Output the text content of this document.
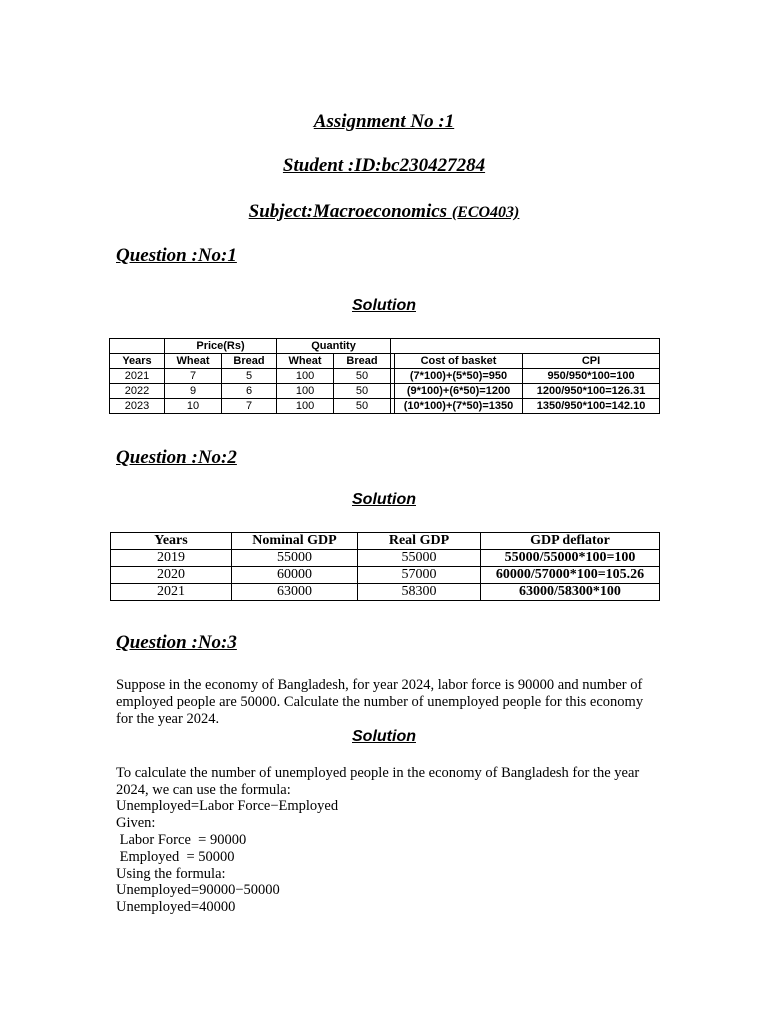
Assignment No :1
Student :ID:bc230427284
Subject:Macroeconomics (ECO403)
Question :No:1
Solution
	Price(Rs)		Quantity				
Years	Wheat	Bread	Wheat	Bread		Cost of basket	CPI
2021	7	5	100	50		(7*100)+(5*50)=950	950/950*100=100
2022	9	6	100	50		(9*100)+(6*50)=1200	1200/950*100=126.31
2023	10	7	100	50		(10*100)+(7*50)=1350	1350/950*100=142.10
Question :No:2
Solution
Years	Nominal GDP	Real GDP	GDP deflator
2019	55000	55000	55000/55000*100=100
2020	60000	57000	60000/57000*100=105.26
2021	63000	58300	63000/58300*100
Question :No:3
Suppose in the economy of Bangladesh, for year 2024, labor force is 90000 and number of employed people are 50000. Calculate the number of unemployed people for this economy for the year 2024.
Solution
To calculate the number of unemployed people in the economy of Bangladesh for the year 2024, we can use the formula:
Unemployed=Labor Force−Employed
Given:
Labor Force  = 90000
Employed  = 50000
Using the formula:
Unemployed=90000−50000
Unemployed=40000
